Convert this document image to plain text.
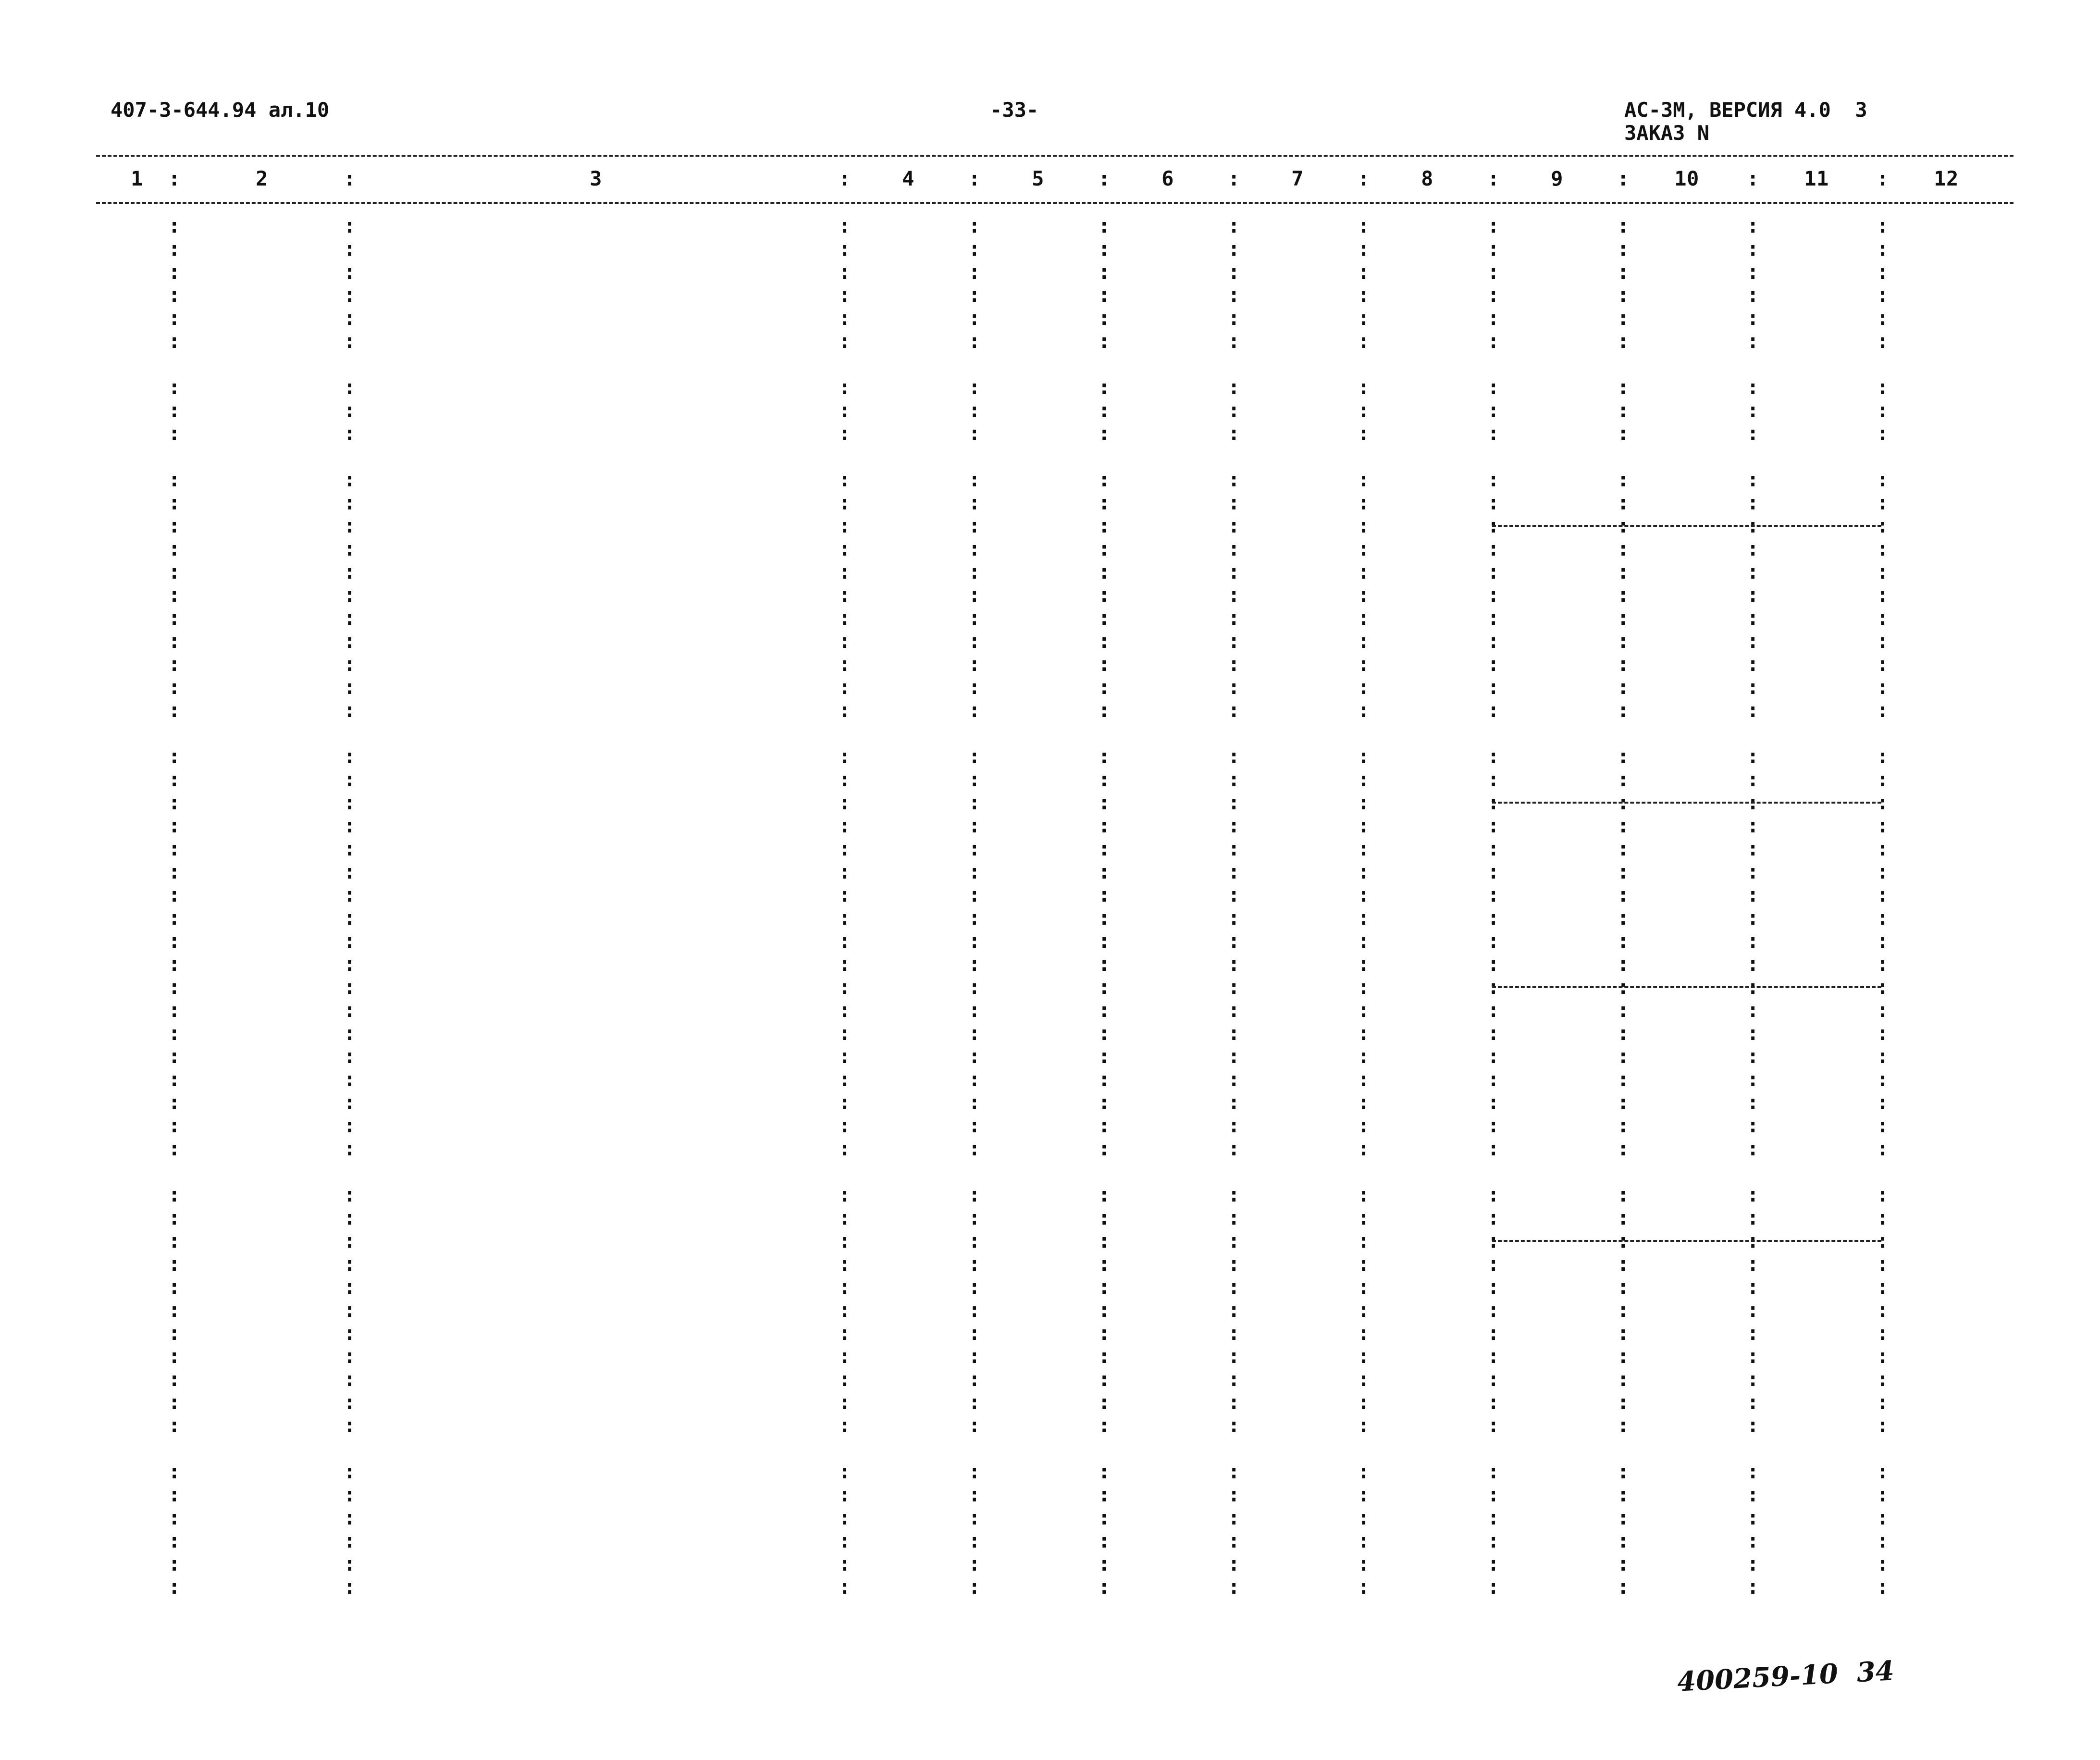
407-3-644.94 ал.10	-33-	АС-3М, ВЕРСИЯ 4.0  3
ЗАКАЗ N
1	2	3	4	5	6	7	8	9	10	11	12
:	:	:	:	:	:	:	:	:	:	:
:	:	:	:	:	:	:	:	:	:	:
:	:	:	:	:	:	:	:	:	:	:
:	:	:	:	:	:	:	:	:	:	:
:	:	:	:	:	:	:	:	:	:	:
:	:	:	:	:	:	:	:	:	:	:
:	:	:	:	:	:	:	:	:	:	:
:	:	:	:	:	:	:	:	:	:	:
:	:	:	:	:	:	:	:	:	:	:
:	:	:	:	:	:	:	:	:	:	:
:	:	:	:	:	:	:	:	:	:	:
:	:	:	:	:	:	:	:	:	:	:
:	:	:	:	:	:	:	:	:	:	:
:	:	:	:	:	:	:	:	:	:	:
:	:	:	:	:	:	:	:	:	:	:
:	:	:	:	:	:	:	:	:	:	:
:	:	:	:	:	:	:	:	:	:	:
:	:	:	:	:	:	:	:	:	:	:
:	:	:	:	:	:	:	:	:	:	:
:	:	:	:	:	:	:	:	:	:	:
:	:	:	:	:	:	:	:	:	:	:
:	:	:	:	:	:	:	:	:	:	:
:	:	:	:	:	:	:	:	:	:	:
:	:	:	:	:	:	:	:	:	:	:
:	:	:	:	:	:	:	:	:	:	:
:	:	:	:	:	:	:	:	:	:	:
:	:	:	:	:	:	:	:	:	:	:
:	:	:	:	:	:	:	:	:	:	:
:	:	:	:	:	:	:	:	:	:	:
:	:	:	:	:	:	:	:	:	:	:
:	:	:	:	:	:	:	:	:	:	:
:	:	:	:	:	:	:	:	:	:	:
:	:	:	:	:	:	:	:	:	:	:
:	:	:	:	:	:	:	:	:	:	:
:	:	:	:	:	:	:	:	:	:	:
:	:	:	:	:	:	:	:	:	:	:
:	:	:	:	:	:	:	:	:	:	:
:	:	:	:	:	:	:	:	:	:	:
:	:	:	:	:	:	:	:	:	:	:
:	:	:	:	:	:	:	:	:	:	:
:	:	:	:	:	:	:	:	:	:	:
:	:	:	:	:	:	:	:	:	:	:
:	:	:	:	:	:	:	:	:	:	:
:	:	:	:	:	:	:	:	:	:	:
:	:	:	:	:	:	:	:	:	:	:
:	:	:	:	:	:	:	:	:	:	:
:	:	:	:	:	:	:	:	:	:	:
:	:	:	:	:	:	:	:	:	:	:
:	:	:	:	:	:	:	:	:	:	:
:	:	:	:	:	:	:	:	:	:	:
:	:	:	:	:	:	:	:	:	:	:
:	:	:	:	:	:	:	:	:	:	:
:	:	:	:	:	:	:	:	:	:	:
:	:	:	:	:	:	:	:	:	:	:
:	:	:	:	:	:	:	:	:	:	:
:	:	:	:	:	:	:	:	:	:	:
400259-10  34
